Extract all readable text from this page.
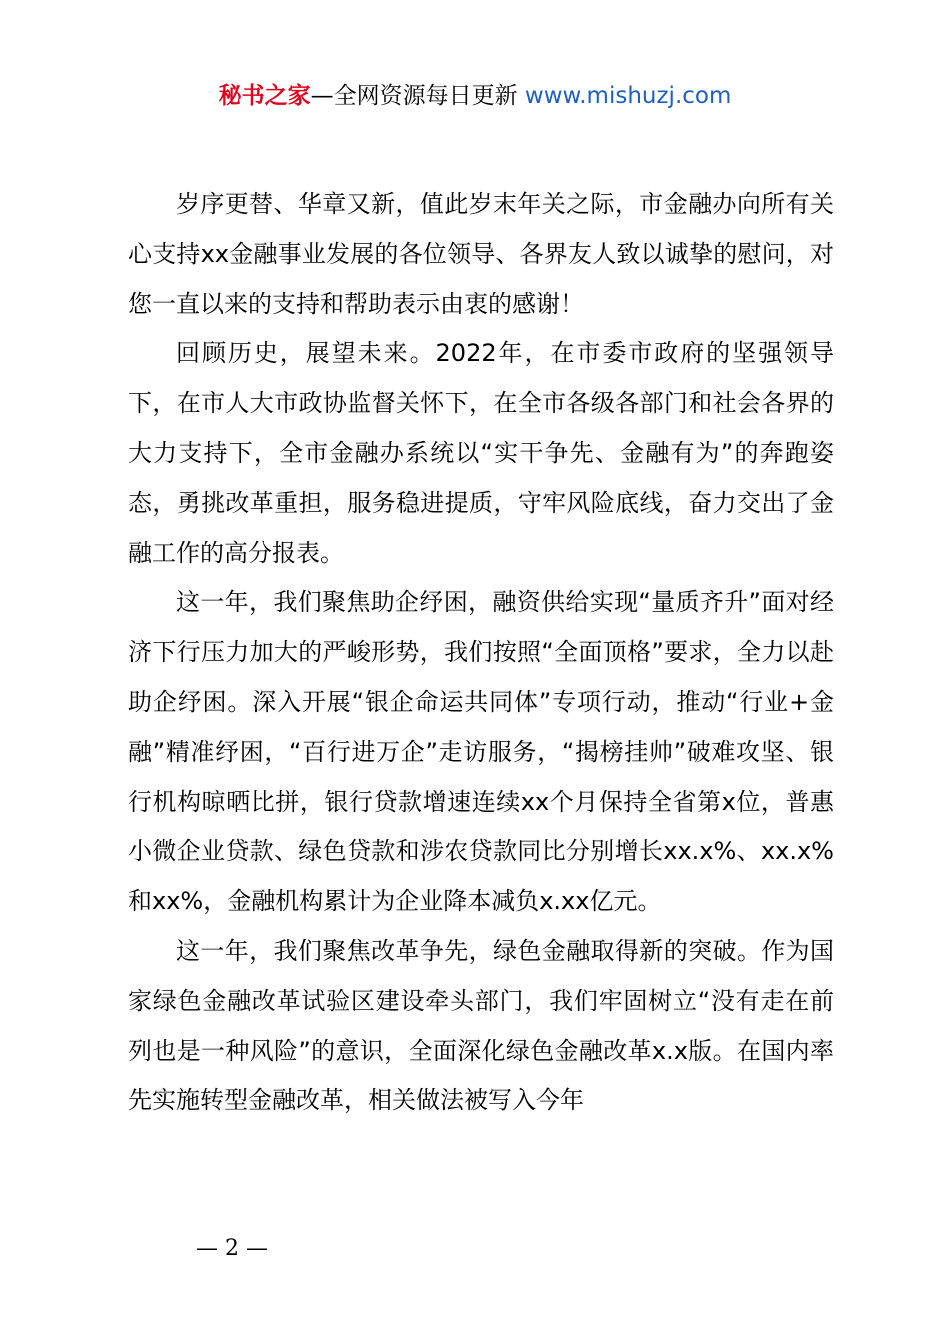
秘书之家—全网资源每日更新 www.mishuzj.com

岁序更替、华章又新，值此岁末年关之际，市金融办向所有关心支持xx金融事业发展的各位领导、各界友人致以诚挚的慰问，对您一直以来的支持和帮助表示由衷的感谢！

回顾历史，展望未来。2022年，在市委市政府的坚强领导下，在市人大市政协监督关怀下，在全市各级各部门和社会各界的大力支持下，全市金融办系统以“实干争先、金融有为”的奔跑姿态，勇挑改革重担，服务稳进提质，守牢风险底线，奋力交出了金融工作的高分报表。

这一年，我们聚焦助企纾困，融资供给实现“量质齐升”面对经济下行压力加大的严峻形势，我们按照“全面顶格”要求，全力以赴助企纾困。深入开展“银企命运共同体”专项行动，推动“行业+金融”精准纾困，“百行进万企”走访服务，“揭榜挂帅”破难攻坚、银行机构晾晒比拼，银行贷款增速连续xx个月保持全省第x位，普惠小微企业贷款、绿色贷款和涉农贷款同比分别增长xx.x%、xx.x%和xx%，金融机构累计为企业降本减负x.xx亿元。

这一年，我们聚焦改革争先，绿色金融取得新的突破。作为国家绿色金融改革试验区建设牵头部门，我们牢固树立“没有走在前列也是一种风险”的意识，全面深化绿色金融改革x.x版。在国内率先实施转型金融改革，相关做法被写入今年

— 2 —
